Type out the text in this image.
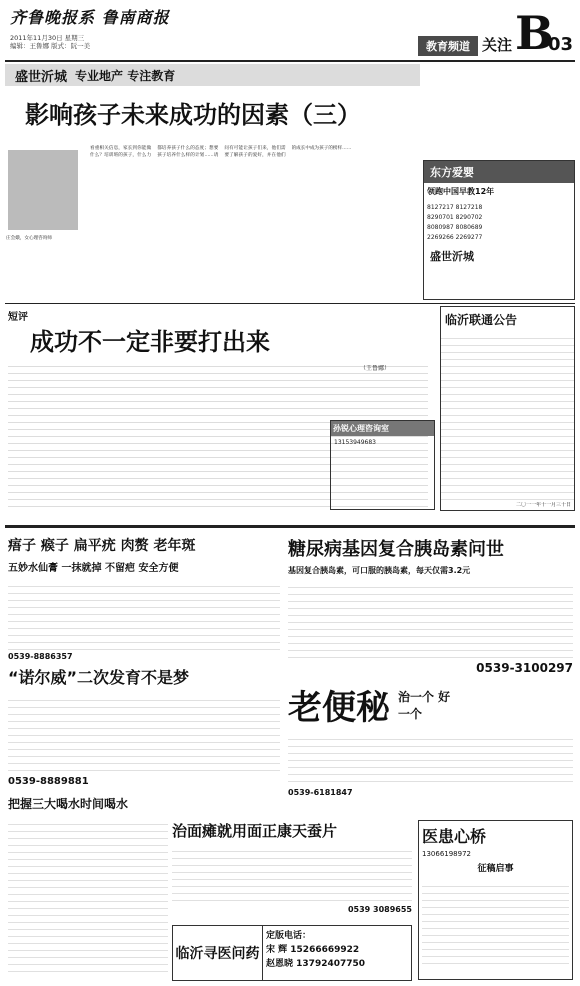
齐鲁晚报系 鲁南商报
2011年11月30日 星期三
编辑：王鲁娜 版式：阮一美	教育频道 关注 B
03
盛世沂城 专业地产 专注教育
影响孩子未来成功的因素（三）
庄会娥，女心理咨询师
看重相关信息，家长到你能做什么？培训班的孩子，什么力都培养孩子什么的态度；想要孩子培养什么样的计划……请问有可能让孩子们来，他们需要了解孩子的爱好，并在他们的成长中成为孩子的榜样……
东方爱婴
领跑中国早教12年
8127217 8127218
8290701 8290702
8080987 8080689
2269266 2269277
盛世沂城
短评
成功不一定非要打出来
（王鲁娜）
孙锐心理咨询室
13153949683
临沂联通公告
二〇一一年十一月三十日
痦子 瘊子 扁平疣 肉赘 老年斑
五妙水仙膏 一抹就掉 不留疤 安全方便
0539-8886357
糖尿病基因复合胰岛素问世
基因复合胰岛素，可口服的胰岛素，每天仅需3.2元
0539-3100297
“诺尔威”二次发育不是梦
0539-8889881
老便秘 治一个 好一个
0539-6181847
把握三大喝水时间喝水
治面瘫就用面正康天蚕片
0539 3089655
临沂寻医问药
定版电话：
宋 辉 15266669922
赵恩晓 13792407750
医患心桥
13066198972
征稿启事
